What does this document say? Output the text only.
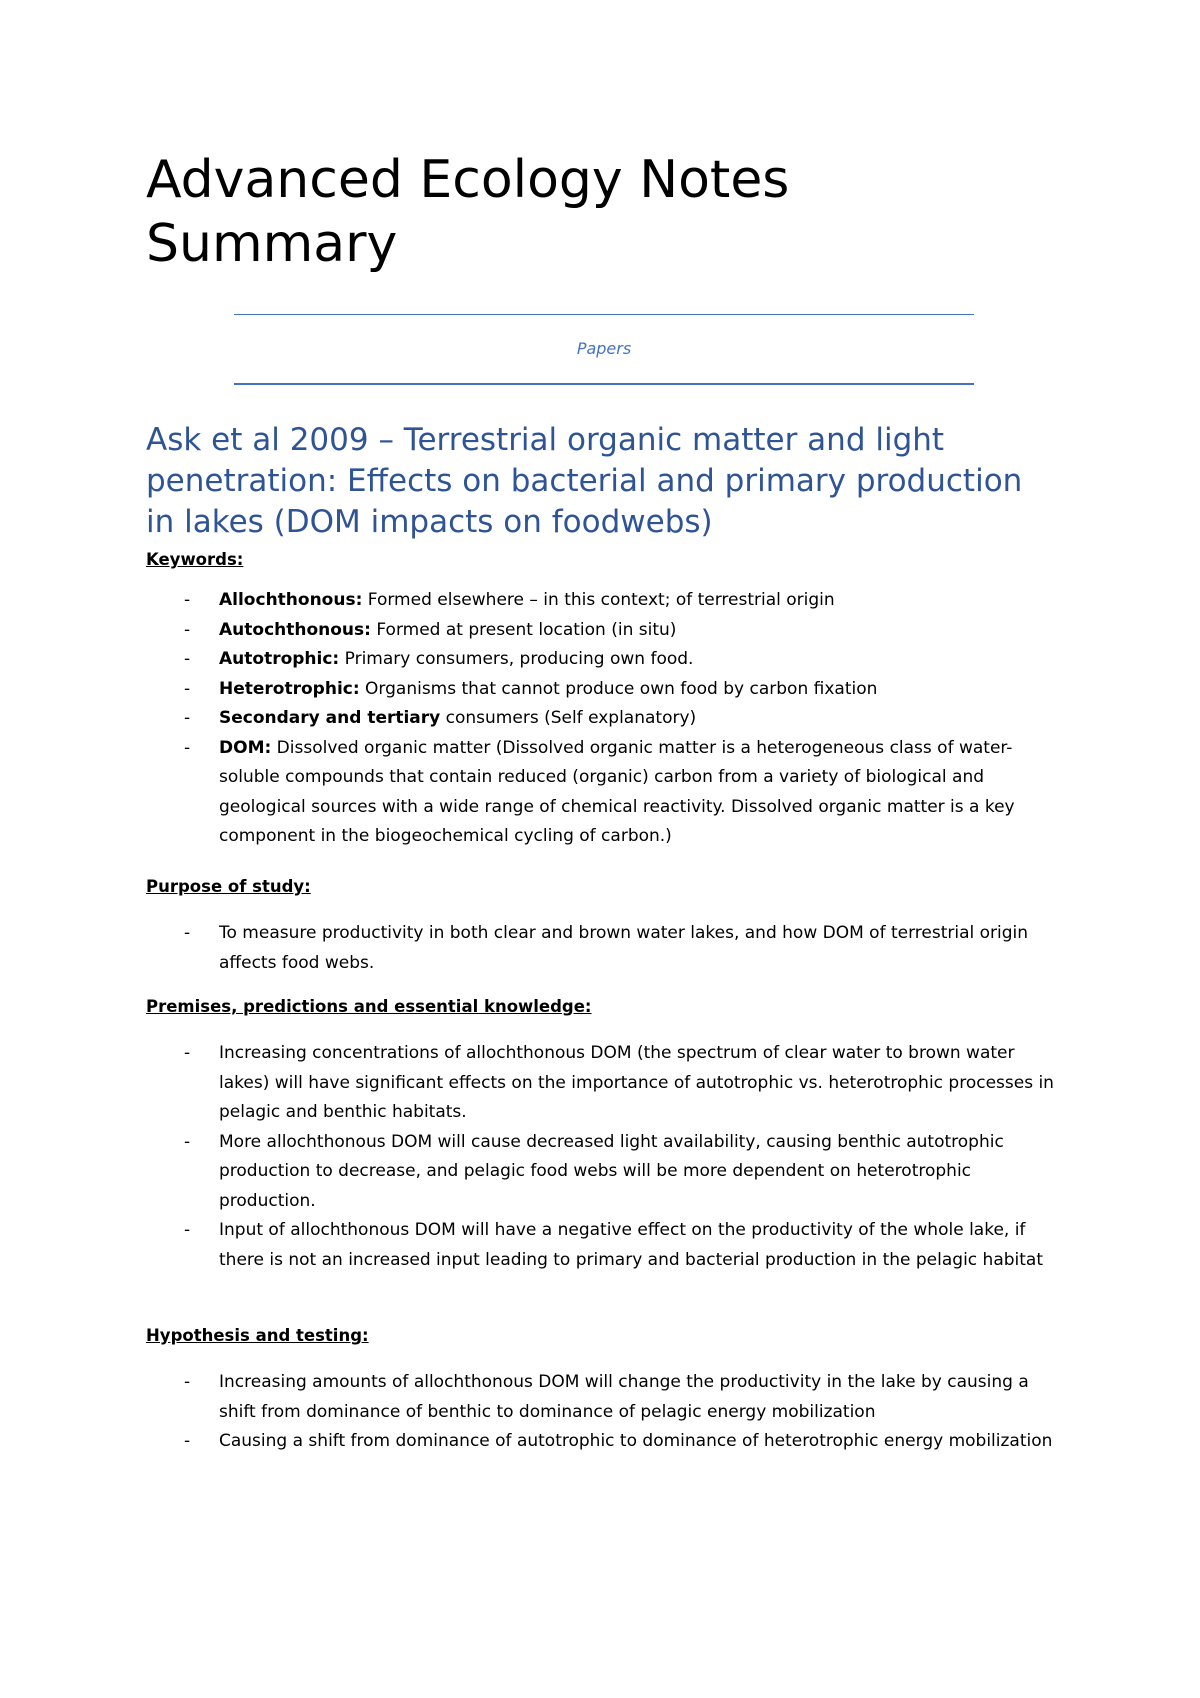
Advanced Ecology Notes Summary
Papers
Ask et al 2009 – Terrestrial organic matter and light penetration: Effects on bacterial and primary production in lakes (DOM impacts on foodwebs)
Keywords:
- Allochthonous: Formed elsewhere – in this context; of terrestrial origin
- Autochthonous: Formed at present location (in situ)
- Autotrophic: Primary consumers, producing own food.
- Heterotrophic: Organisms that cannot produce own food by carbon fixation
- Secondary and tertiary consumers (Self explanatory)
- DOM: Dissolved organic matter (Dissolved organic matter is a heterogeneous class of water-soluble compounds that contain reduced (organic) carbon from a variety of biological and geological sources with a wide range of chemical reactivity. Dissolved organic matter is a key component in the biogeochemical cycling of carbon.)
Purpose of study:
- To measure productivity in both clear and brown water lakes, and how DOM of terrestrial origin affects food webs.
Premises, predictions and essential knowledge:
- Increasing concentrations of allochthonous DOM (the spectrum of clear water to brown water lakes) will have significant effects on the importance of autotrophic vs. heterotrophic processes in pelagic and benthic habitats.
- More allochthonous DOM will cause decreased light availability, causing benthic autotrophic production to decrease, and pelagic food webs will be more dependent on heterotrophic production.
- Input of allochthonous DOM will have a negative effect on the productivity of the whole lake, if there is not an increased input leading to primary and bacterial production in the pelagic habitat
Hypothesis and testing:
- Increasing amounts of allochthonous DOM will change the productivity in the lake by causing a shift from dominance of benthic to dominance of pelagic energy mobilization
- Causing a shift from dominance of autotrophic to dominance of heterotrophic energy mobilization
